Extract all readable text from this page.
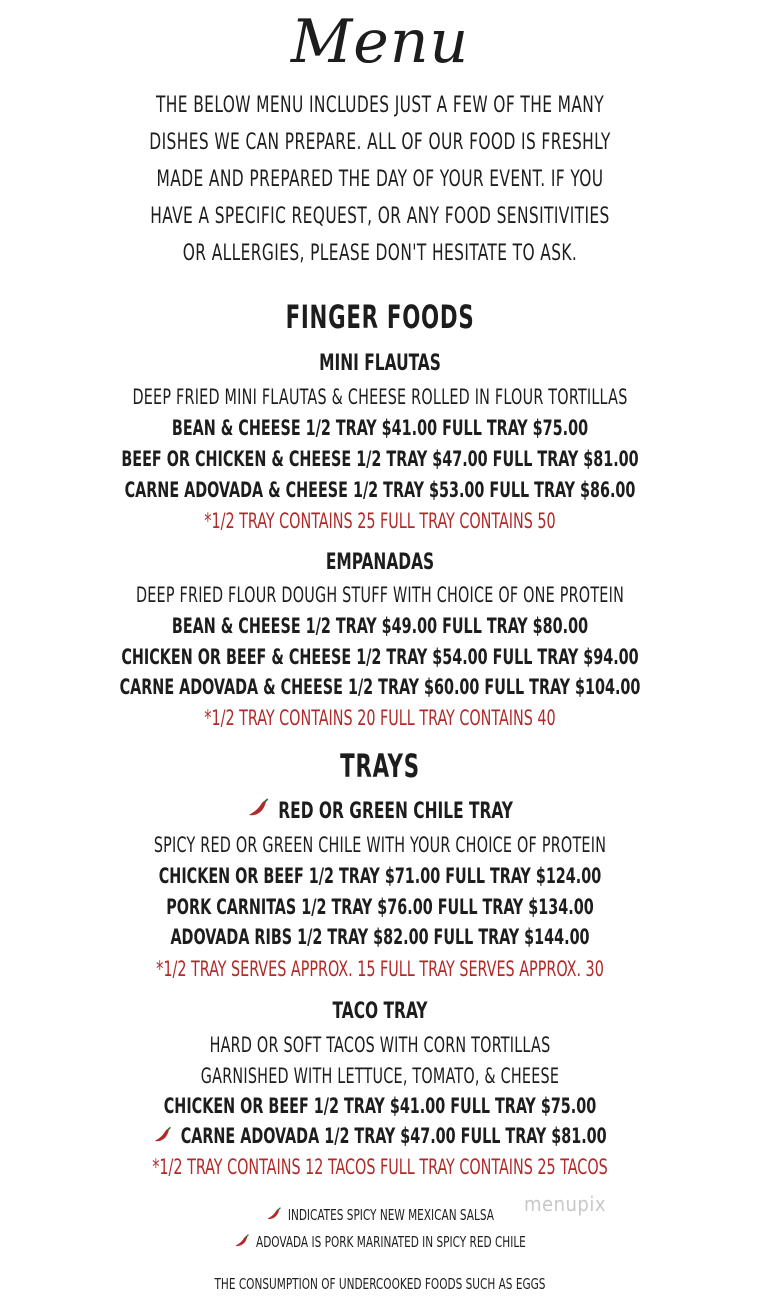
Menu
THE BELOW MENU INCLUDES JUST A FEW OF THE MANY
DISHES WE CAN PREPARE. ALL OF OUR FOOD IS FRESHLY
MADE AND PREPARED THE DAY OF YOUR EVENT. IF YOU
HAVE A SPECIFIC REQUEST, OR ANY FOOD SENSITIVITIES
OR ALLERGIES, PLEASE DON'T HESITATE TO ASK.
FINGER FOODS
MINI FLAUTAS
DEEP FRIED MINI FLAUTAS & CHEESE ROLLED IN FLOUR TORTILLAS
BEAN & CHEESE 1/2 TRAY $41.00 FULL TRAY $75.00
BEEF OR CHICKEN & CHEESE 1/2 TRAY $47.00 FULL TRAY $81.00
CARNE ADOVADA & CHEESE 1/2 TRAY $53.00 FULL TRAY $86.00
*1/2 TRAY CONTAINS 25 FULL TRAY CONTAINS 50
EMPANADAS
DEEP FRIED FLOUR DOUGH STUFF WITH CHOICE OF ONE PROTEIN
BEAN & CHEESE 1/2 TRAY $49.00 FULL TRAY $80.00
CHICKEN OR BEEF & CHEESE 1/2 TRAY $54.00 FULL TRAY $94.00
CARNE ADOVADA & CHEESE 1/2 TRAY $60.00 FULL TRAY $104.00
*1/2 TRAY CONTAINS 20 FULL TRAY CONTAINS 40
TRAYS
RED OR GREEN CHILE TRAY
SPICY RED OR GREEN CHILE WITH YOUR CHOICE OF PROTEIN
CHICKEN OR BEEF 1/2 TRAY $71.00 FULL TRAY $124.00
PORK CARNITAS 1/2 TRAY $76.00 FULL TRAY $134.00
ADOVADA RIBS 1/2 TRAY $82.00 FULL TRAY $144.00
*1/2 TRAY SERVES APPROX. 15 FULL TRAY SERVES APPROX. 30
TACO TRAY
HARD OR SOFT TACOS WITH CORN TORTILLAS
GARNISHED WITH LETTUCE, TOMATO, & CHEESE
CHICKEN OR BEEF 1/2 TRAY $41.00 FULL TRAY $75.00
CARNE ADOVADA 1/2 TRAY $47.00 FULL TRAY $81.00
*1/2 TRAY CONTAINS 12 TACOS FULL TRAY CONTAINS 25 TACOS
INDICATES SPICY NEW MEXICAN SALSA
ADOVADA IS PORK MARINATED IN SPICY RED CHILE
THE CONSUMPTION OF UNDERCOOKED FOODS SUCH AS EGGS
menupix
